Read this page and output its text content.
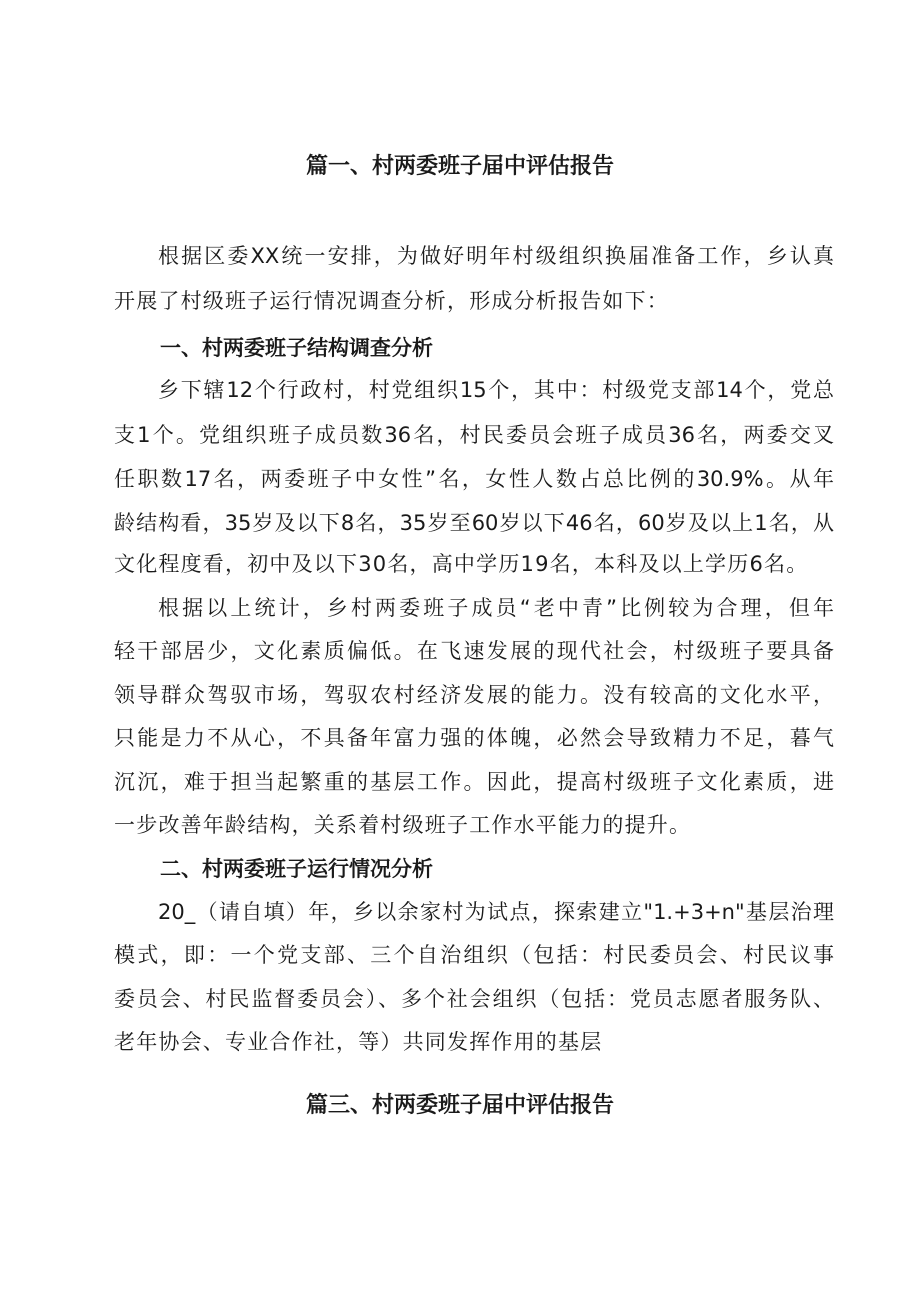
篇一、村两委班子届中评估报告
根据区委XX统一安排，为做好明年村级组织换届准备工作，乡认真
开展了村级班子运行情况调查分析，形成分析报告如下：
一、村两委班子结构调查分析
乡下辖12个行政村，村党组织15个，其中：村级党支部14个，党总
支1个。党组织班子成员数36名，村民委员会班子成员36名，两委交叉
任职数17名，两委班子中女性”名，女性人数占总比例的30.9%。从年
龄结构看，35岁及以下8名，35岁至60岁以下46名，60岁及以上1名，从
文化程度看，初中及以下30名，高中学历19名，本科及以上学历6名。
根据以上统计，乡村两委班子成员“老中青”比例较为合理，但年
轻干部居少，文化素质偏低。在飞速发展的现代社会，村级班子要具备
领导群众驾驭市场，驾驭农村经济发展的能力。没有较高的文化水平，
只能是力不从心，不具备年富力强的体魄，必然会导致精力不足，暮气
沉沉，难于担当起繁重的基层工作。因此，提高村级班子文化素质，进
一步改善年龄结构，关系着村级班子工作水平能力的提升。
二、村两委班子运行情况分析
20_（请自填）年，乡以余家村为试点，探索建立"1.+3+n"基层治理
模式，即：一个党支部、三个自治组织（包括：村民委员会、村民议事
委员会、村民监督委员会）、多个社会组织（包括：党员志愿者服务队、
老年协会、专业合作社，等）共同发挥作用的基层
篇三、村两委班子届中评估报告
